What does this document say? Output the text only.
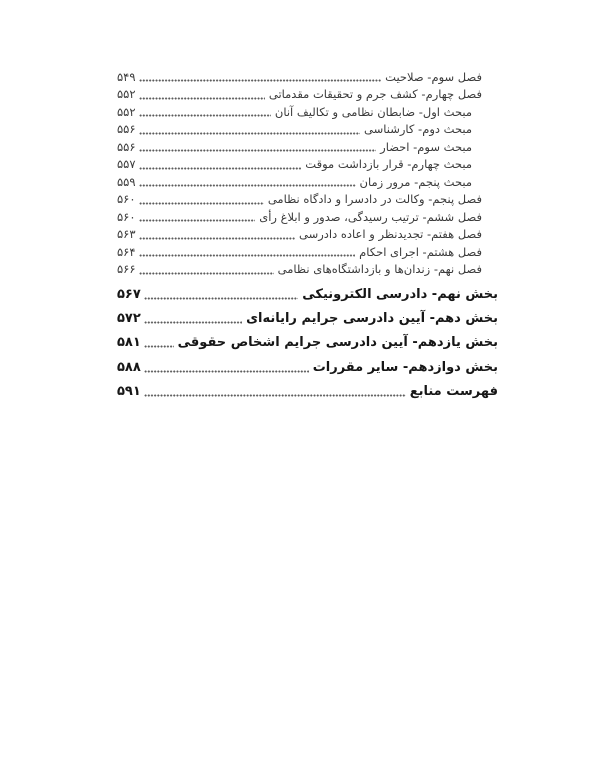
فصل سوم- صلاحیت
۵۴۹
فصل چهارم- کشف جرم و تحقیقات مقدماتی
۵۵۲
مبحث اول- ضابطان نظامی و تکالیف آنان
۵۵۲
مبحث دوم- کارشناسی
۵۵۶
مبحث سوم- احضار
۵۵۶
مبحث چهارم- قرار بازداشت موقت
۵۵۷
مبحث پنجم- مرور زمان
۵۵۹
فصل پنجم- وکالت در دادسرا و دادگاه نظامی
۵۶۰
فصل ششم- ترتیب رسیدگی، صدور و ابلاغ رأی
۵۶۰
فصل هفتم- تجدیدنظر و اعاده دادرسی
۵۶۳
فصل هشتم- اجرای احکام
۵۶۴
فصل نهم- زندان‌ها و بازداشتگاه‌های نظامی
۵۶۶
بخش نهم- دادرسی الکترونیکی
۵۶۷
بخش دهم- آیین دادرسی جرایم رایانه‌ای
۵۷۲
بخش یازدهم- آیین دادرسی جرایم اشخاص حقوقی
۵۸۱
بخش دوازدهم- سایر مقررات
۵۸۸
فهرست منابع
۵۹۱
